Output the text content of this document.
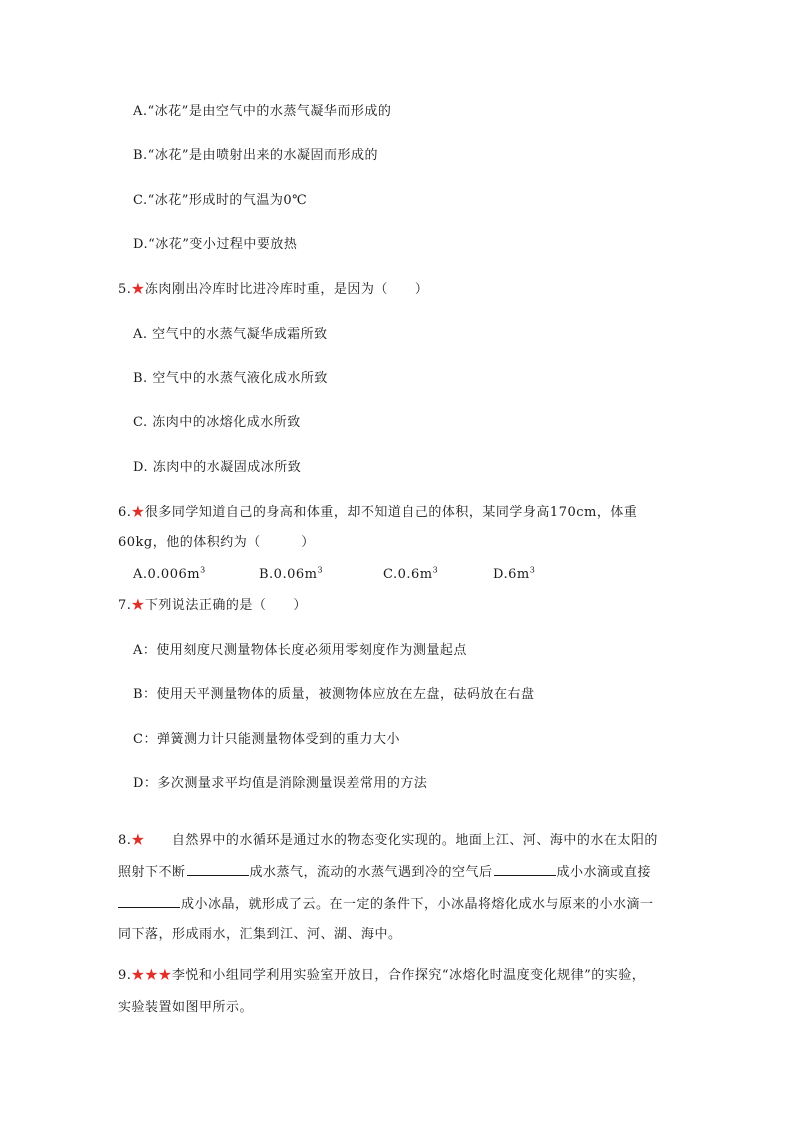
A.“冰花”是由空气中的水蒸气凝华而形成的
B.“冰花”是由喷射出来的水凝固而形成的
C.“冰花”形成时的气温为0℃
D.“冰花”变小过程中要放热
5.★冻肉刚出冷库时比进冷库时重，是因为（　　）
A. 空气中的水蒸气凝华成霜所致
B. 空气中的水蒸气液化成水所致
C. 冻肉中的冰熔化成水所致
D. 冻肉中的水凝固成冰所致
6.★很多同学知道自己的身高和体重，却不知道自己的体积，某同学身高170cm，体重
60kg，他的体积约为（　　　）
$A.0.006m^3$	$B.0.06m^3$	$C.0.6m^3$	$D.6m^3$
7.★下列说法正确的是（　　）
A：使用刻度尺测量物体长度必须用零刻度作为测量起点
B：使用天平测量物体的质量，被测物体应放在左盘，砝码放在右盘
C：弹簧测力计只能测量物体受到的重力大小
D：多次测量求平均值是消除测量误差常用的方法
8.★　　自然界中的水循环是通过水的物态变化实现的。地面上江、河、海中的水在太阳的
照射下不断	成水蒸气，流动的水蒸气遇到冷的空气后	成小水滴或直接
成小冰晶，就形成了云。在一定的条件下，小冰晶将熔化成水与原来的小水滴一
同下落，形成雨水，汇集到江、河、湖、海中。
9.★★★李悦和小组同学利用实验室开放日，合作探究“冰熔化时温度变化规律”的实验，
实验装置如图甲所示。
